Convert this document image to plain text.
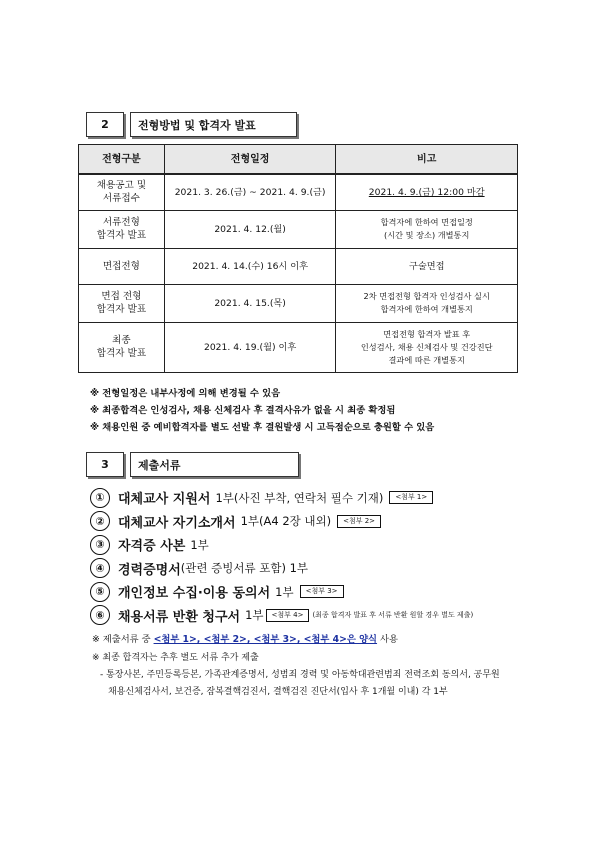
2	전형방법 및 합격자 발표
전형구분	전형일정	비고
채용공고 및
서류접수	2021. 3. 26.(금) ~ 2021. 4. 9.(금)	2021. 4. 9.(금) 12:00 마감
서류전형
합격자 발표	2021. 4. 12.(월)	합격자에 한하여 면접일정
(시간 및 장소) 개별통지
면접전형	2021. 4. 14.(수) 16시 이후	구술면접
면접 전형
합격자 발표	2021. 4. 15.(목)	2차 면접전형 합격자 인성검사 실시
합격자에 한하여 개별통지
최종
합격자 발표	2021. 4. 19.(월) 이후	면접전형 합격자 발표 후
인성검사, 채용 신체검사 및 건강진단
결과에 따른 개별통지
※ 전형일정은 내부사정에 의해 변경될 수 있음
※ 최종합격은 인성검사, 채용 신체검사 후 결격사유가 없을 시 최종 확정됨
※ 채용인원 중 예비합격자를 별도 선발 후 결원발생 시 고득점순으로 충원할 수 있음
3	제출서류
①	대체교사 지원서 1부(사진 부착, 연락처 필수 기재)	<첨부 1>
②	대체교사 자기소개서 1부(A4 2장 내외)	<첨부 2>
③	자격증 사본 1부
④	경력증명서 (관련 증빙서류 포함) 1부
⑤	개인정보 수집·이용 동의서 1부	<첨부 3>
⑥	채용서류 반환 청구서 1부	<첨부 4>	(최종 합격자 발표 후 서류 반환 원할 경우 별도 제출)
※ 제출서류 중 <첨부 1>, <첨부 2>, <첨부 3>, <첨부 4>은 양식 사용
※ 최종 합격자는 추후 별도 서류 추가 제출
- 통장사본, 주민등록등본, 가족관계증명서, 성범죄 경력 및 아동학대관련범죄 전력조회 동의서, 공무원
채용신체검사서, 보건증, 잠복결핵검진서, 결핵검진 진단서(입사 후 1개월 이내) 각 1부
